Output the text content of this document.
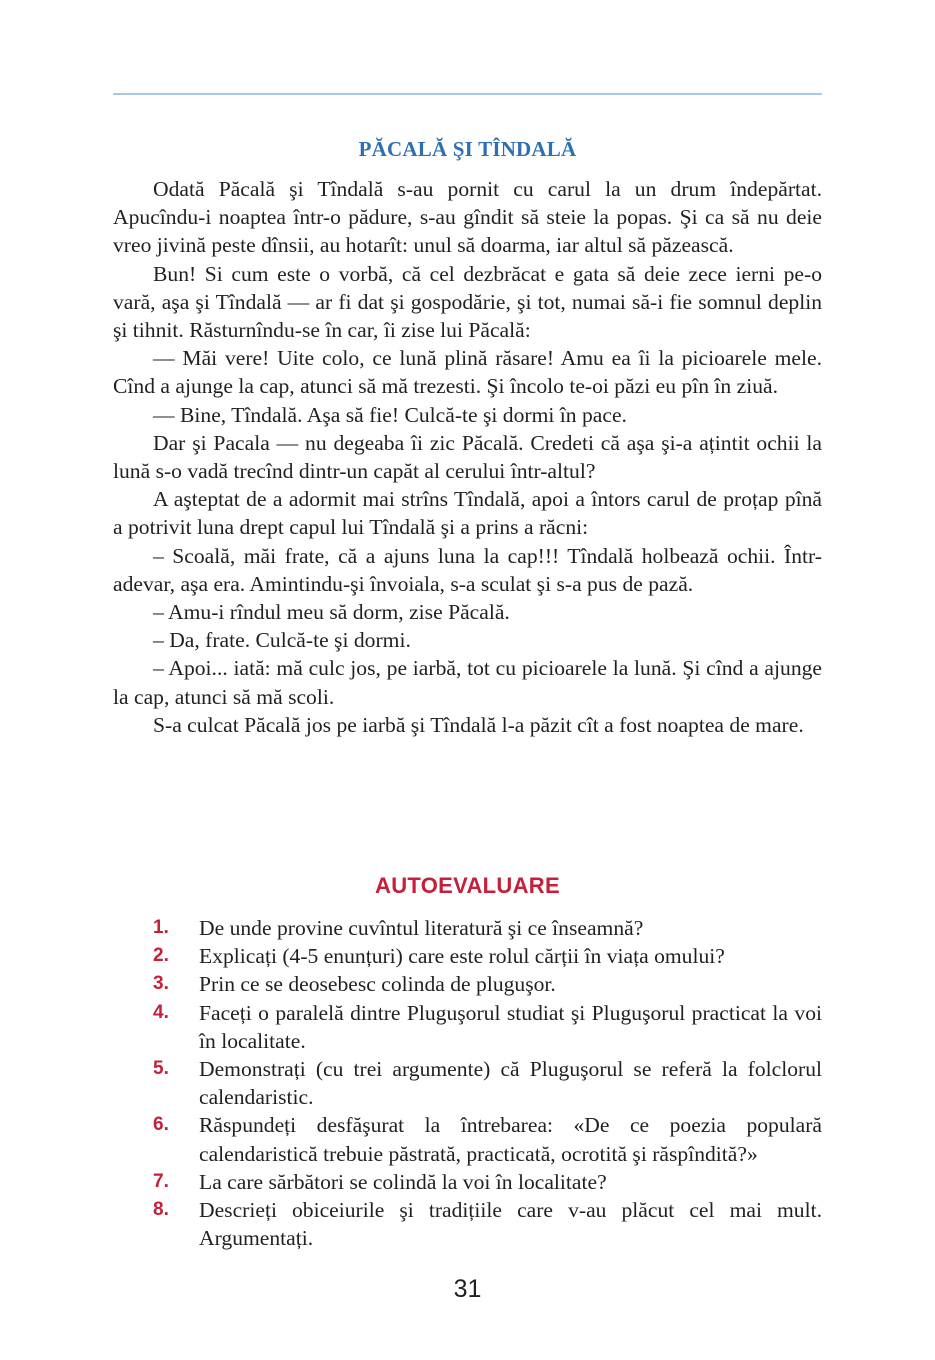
PĂCALĂ ŞI TÎNDALĂ

Odată Păcală şi Tîndală s-au pornit cu carul la un drum îndepărtat. Apucîndu-i noaptea într-o pădure, s-au gîndit să steie la popas. Şi ca să nu deie vreo jivină peste dînsii, au hotarît: unul să doarma, iar altul să păzească.

Bun! Si cum este o vorbă, că cel dezbrăcat e gata să deie zece ierni pe-o vară, aşa şi Tîndală — ar fi dat şi gospodărie, şi tot, numai să-i fie somnul deplin şi tihnit. Răsturnîndu-se în car, îi zise lui Păcală:

— Măi vere! Uite colo, ce lună plină răsare! Amu ea îi la picioarele mele. Cînd a ajunge la cap, atunci să mă trezesti. Şi încolo te-oi păzi eu pîn în ziuă.

— Bine, Tîndală. Aşa să fie! Culcă-te şi dormi în pace.

Dar şi Pacala — nu degeaba îi zic Păcală. Credeti că aşa şi-a ațintit ochii la lună s-o vadă trecînd dintr-un capăt al cerului într-altul?

A aşteptat de a adormit mai strîns Tîndală, apoi a întors carul de proțap pînă a potrivit luna drept capul lui Tîndală şi a prins a răcni:

– Scoală, măi frate, că a ajuns luna la cap!!! Tîndală holbează ochii. Într-adevar, aşa era. Amintindu-şi învoiala, s-a sculat şi s-a pus de pază.

– Amu-i rîndul meu să dorm, zise Păcală.

– Da, frate. Culcă-te şi dormi.

– Apoi... iată: mă culc jos, pe iarbă, tot cu picioarele la lună. Şi cînd a ajunge la cap, atunci să mă scoli.

S-a culcat Păcală jos pe iarbă şi Tîndală l-a păzit cît a fost noaptea de mare.

AUTOEVALUARE
1. De unde provine cuvîntul literatură şi ce înseamnă?
2. Explicați (4-5 enunțuri) care este rolul cărții în viața omului?
3. Prin ce se deosebesc colinda de pluguşor.
4. Faceți o paralelă dintre Pluguşorul studiat şi Pluguşorul practicat la voi în localitate.
5. Demonstrați (cu trei argumente) că Pluguşorul se referă la folclorul calendaristic.
6. Răspundeți desfăşurat la întrebarea: «De ce poezia populară calendaristică trebuie păstrată, practicată, ocrotită şi răspîndită?»
7. La care sărbători se colindă la voi în localitate?
8. Descrieți obiceiurile şi tradițiile care v-au plăcut cel mai mult. Argumentați.
31
